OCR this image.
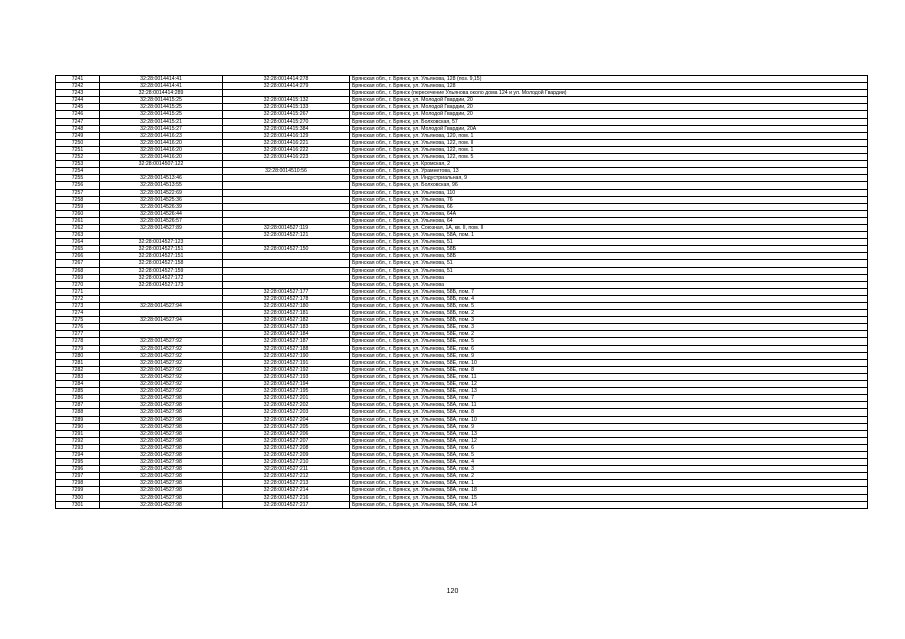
7241	32:28:0014414:41	32:28:0014414:278	Брянская обл., г. Брянск, ул. Ульянова, 128 (поз. 9,15)
7242	32:28:0014414:41	32:28:0014414:279	Брянская обл., г. Брянск, ул. Ульянова, 128
7243	32:28:0014414:289		Брянская обл., г. Брянск (пересечение Ульянова около дома 124 и ул. Молодой Гвардии)
7244	32:28:0014415:25	32:28:0014415:132	Брянская обл., г. Брянск, ул. Молодой Гвардии, 20
7245	32:28:0014415:25	32:28:0014415:133	Брянская обл., г. Брянск, ул. Молодой Гвардии, 20
7246	32:28:0014415:25	32:28:0014415:267	Брянская обл., г. Брянск, ул. Молодой Гвардии, 20
7247	32:28:0014415:21	32:28:0014415:270	Брянская обл., г. Брянск, ул. Болховская, 57
7248	32:28:0014415:27	32:28:0014415:384	Брянская обл., г. Брянск, ул. Молодой Гвардии, 20А
7249	32:28:0014416:23	32:28:0014416:129	Брянская обл., г. Брянск, ул. Ульянова, 120, пом. 1
7250	32:28:0014416:20	32:28:0014416:221	Брянская обл., г. Брянск, ул. Ульянова, 122, пом. II
7251	32:28:0014416:20	32:28:0014416:222	Брянская обл., г. Брянск, ул. Ульянова, 122, пом. 1
7252	32:28:0014416:20	32:28:0014416:223	Брянская обл., г. Брянск, ул. Ульянова, 122, пом. 5
7253	32:28:0014507:122		Брянская обл., г. Брянск, ул. Кромская, 2
7254		32:28:0014510:56	Брянская обл., г. Брянск, ул. Урамнетова, 13
7255	32:28:0014513:46		Брянская обл., г. Брянск, ул. Индустриальная, 9
7256	32:28:0014513:55		Брянская обл., г. Брянск, ул. Болховская, 96
7257	32:28:0014522:69		Брянская обл., г. Брянск, ул. Ульянова, 110
7258	32:28:0014525:36		Брянская обл., г. Брянск, ул. Ульянова, 76
7259	32:28:0014526:39		Брянская обл., г. Брянск, ул. Ульянова, 66
7260	32:28:0014526:44		Брянская обл., г. Брянск, ул. Ульянова, 64А
7261	32:28:0014526:57		Брянская обл., г. Брянск, ул. Ульянова, 64
7262	32:28:0014527:89	32:28:0014527:119	Брянская обл., г. Брянск, ул. Союзная, 1А, кв. II, пом. II
7263		32:28:0014527:121	Брянская обл., г. Брянск, ул. Ульянова, 58А, пом. 1
7264	32:28:0014527:123		Брянская обл., г. Брянск, ул. Ульянова, 51
7265	32:28:0014527:151	32:28:0014527:150	Брянская обл., г. Брянск, ул. Ульянова, 58Б
7266	32:28:0014527:151		Брянская обл., г. Брянск, ул. Ульянова, 58Б
7267	32:28:0014527:158		Брянская обл., г. Брянск, ул. Ульянова, 51
7268	32:28:0014527:159		Брянская обл., г. Брянск, ул. Ульянова, 51
7269	32:28:0014527:172		Брянская обл., г. Брянск, ул. Ульянова
7270	32:28:0014527:173		Брянская обл., г. Брянск, ул. Ульянова
7271		32:28:0014527:177	Брянская обл., г. Брянск, ул. Ульянова, 58Б, пом. 7
7272		32:28:0014527:178	Брянская обл., г. Брянск, ул. Ульянова, 58Б, пом. 4
7273	32:28:0014527:94	32:28:0014527:180	Брянская обл., г. Брянск, ул. Ульянова, 58Б, пом. 5
7274		32:28:0014527:181	Брянская обл., г. Брянск, ул. Ульянова, 58Б, пом. 2
7275	32:28:0014527:94	32:28:0014527:182	Брянская обл., г. Брянск, ул. Ульянова, 58Б, пом. 3
7276		32:28:0014527:183	Брянская обл., г. Брянск, ул. Ульянова, 58Е, пом. 3
7277		32:28:0014527:184	Брянская обл., г. Брянск, ул. Ульянова, 58Е, пом. 2
7278	32:28:0014527:92	32:28:0014527:187	Брянская обл., г. Брянск, ул. Ульянова, 58Е, пом. 5
7279	32:28:0014527:92	32:28:0014527:188	Брянская обл., г. Брянск, ул. Ульянова, 58Е, пом. 6
7280	32:28:0014527:92	32:28:0014527:190	Брянская обл., г. Брянск, ул. Ульянова, 58Е, пом. 9
7281	32:28:0014527:92	32:28:0014527:191	Брянская обл., г. Брянск, ул. Ульянова, 58Е, пом. 10
7282	32:28:0014527:92	32:28:0014527:192	Брянская обл., г. Брянск, ул. Ульянова, 58Е, пом. 8
7283	32:28:0014527:92	32:28:0014527:193	Брянская обл., г. Брянск, ул. Ульянова, 58Е, пом. 11
7284	32:28:0014527:92	32:28:0014527:194	Брянская обл., г. Брянск, ул. Ульянова, 58Е, пом. 12
7285	32:28:0014527:92	32:28:0014527:195	Брянская обл., г. Брянск, ул. Ульянова, 58Е, пом. 13
7286	32:28:0014527:98	32:28:0014527:201	Брянская обл., г. Брянск, ул. Ульянова, 58А, пом. 7
7287	32:28:0014527:98	32:28:0014527:202	Брянская обл., г. Брянск, ул. Ульянова, 58А, пом. 11
7288	32:28:0014527:98	32:28:0014527:203	Брянская обл., г. Брянск, ул. Ульянова, 58А, пом. 8
7289	32:28:0014527:98	32:28:0014527:204	Брянская обл., г. Брянск, ул. Ульянова, 58А, пом. 10
7290	32:28:0014527:98	32:28:0014527:205	Брянская обл., г. Брянск, ул. Ульянова, 58А, пом. 9
7291	32:28:0014527:98	32:28:0014527:206	Брянская обл., г. Брянск, ул. Ульянова, 58А, пом. 13
7292	32:28:0014527:98	32:28:0014527:207	Брянская обл., г. Брянск, ул. Ульянова, 58А, пом. 12
7293	32:28:0014527:98	32:28:0014527:208	Брянская обл., г. Брянск, ул. Ульянова, 58А, пом. 6
7294	32:28:0014527:98	32:28:0014527:209	Брянская обл., г. Брянск, ул. Ульянова, 58А, пом. 5
7295	32:28:0014527:98	32:28:0014527:210	Брянская обл., г. Брянск, ул. Ульянова, 58А, пом. 4
7296	32:28:0014527:98	32:28:0014527:211	Брянская обл., г. Брянск, ул. Ульянова, 58А, пом. 3
7297	32:28:0014527:98	32:28:0014527:212	Брянская обл., г. Брянск, ул. Ульянова, 58А, пом. 2
7298	32:28:0014527:98	32:28:0014527:213	Брянская обл., г. Брянск, ул. Ульянова, 58А, пом. 1
7299	32:28:0014527:98	32:28:0014527:214	Брянская обл., г. Брянск, ул. Ульянова, 58А, пом. 18
7300	32:28:0014527:98	32:28:0014527:216	Брянская обл., г. Брянск, ул. Ульянова, 58А, пом. 15
7301	32:28:0014527:98	32:28:0014527:217	Брянская обл., г. Брянск, ул. Ульянова, 58А, пом. 14
120
